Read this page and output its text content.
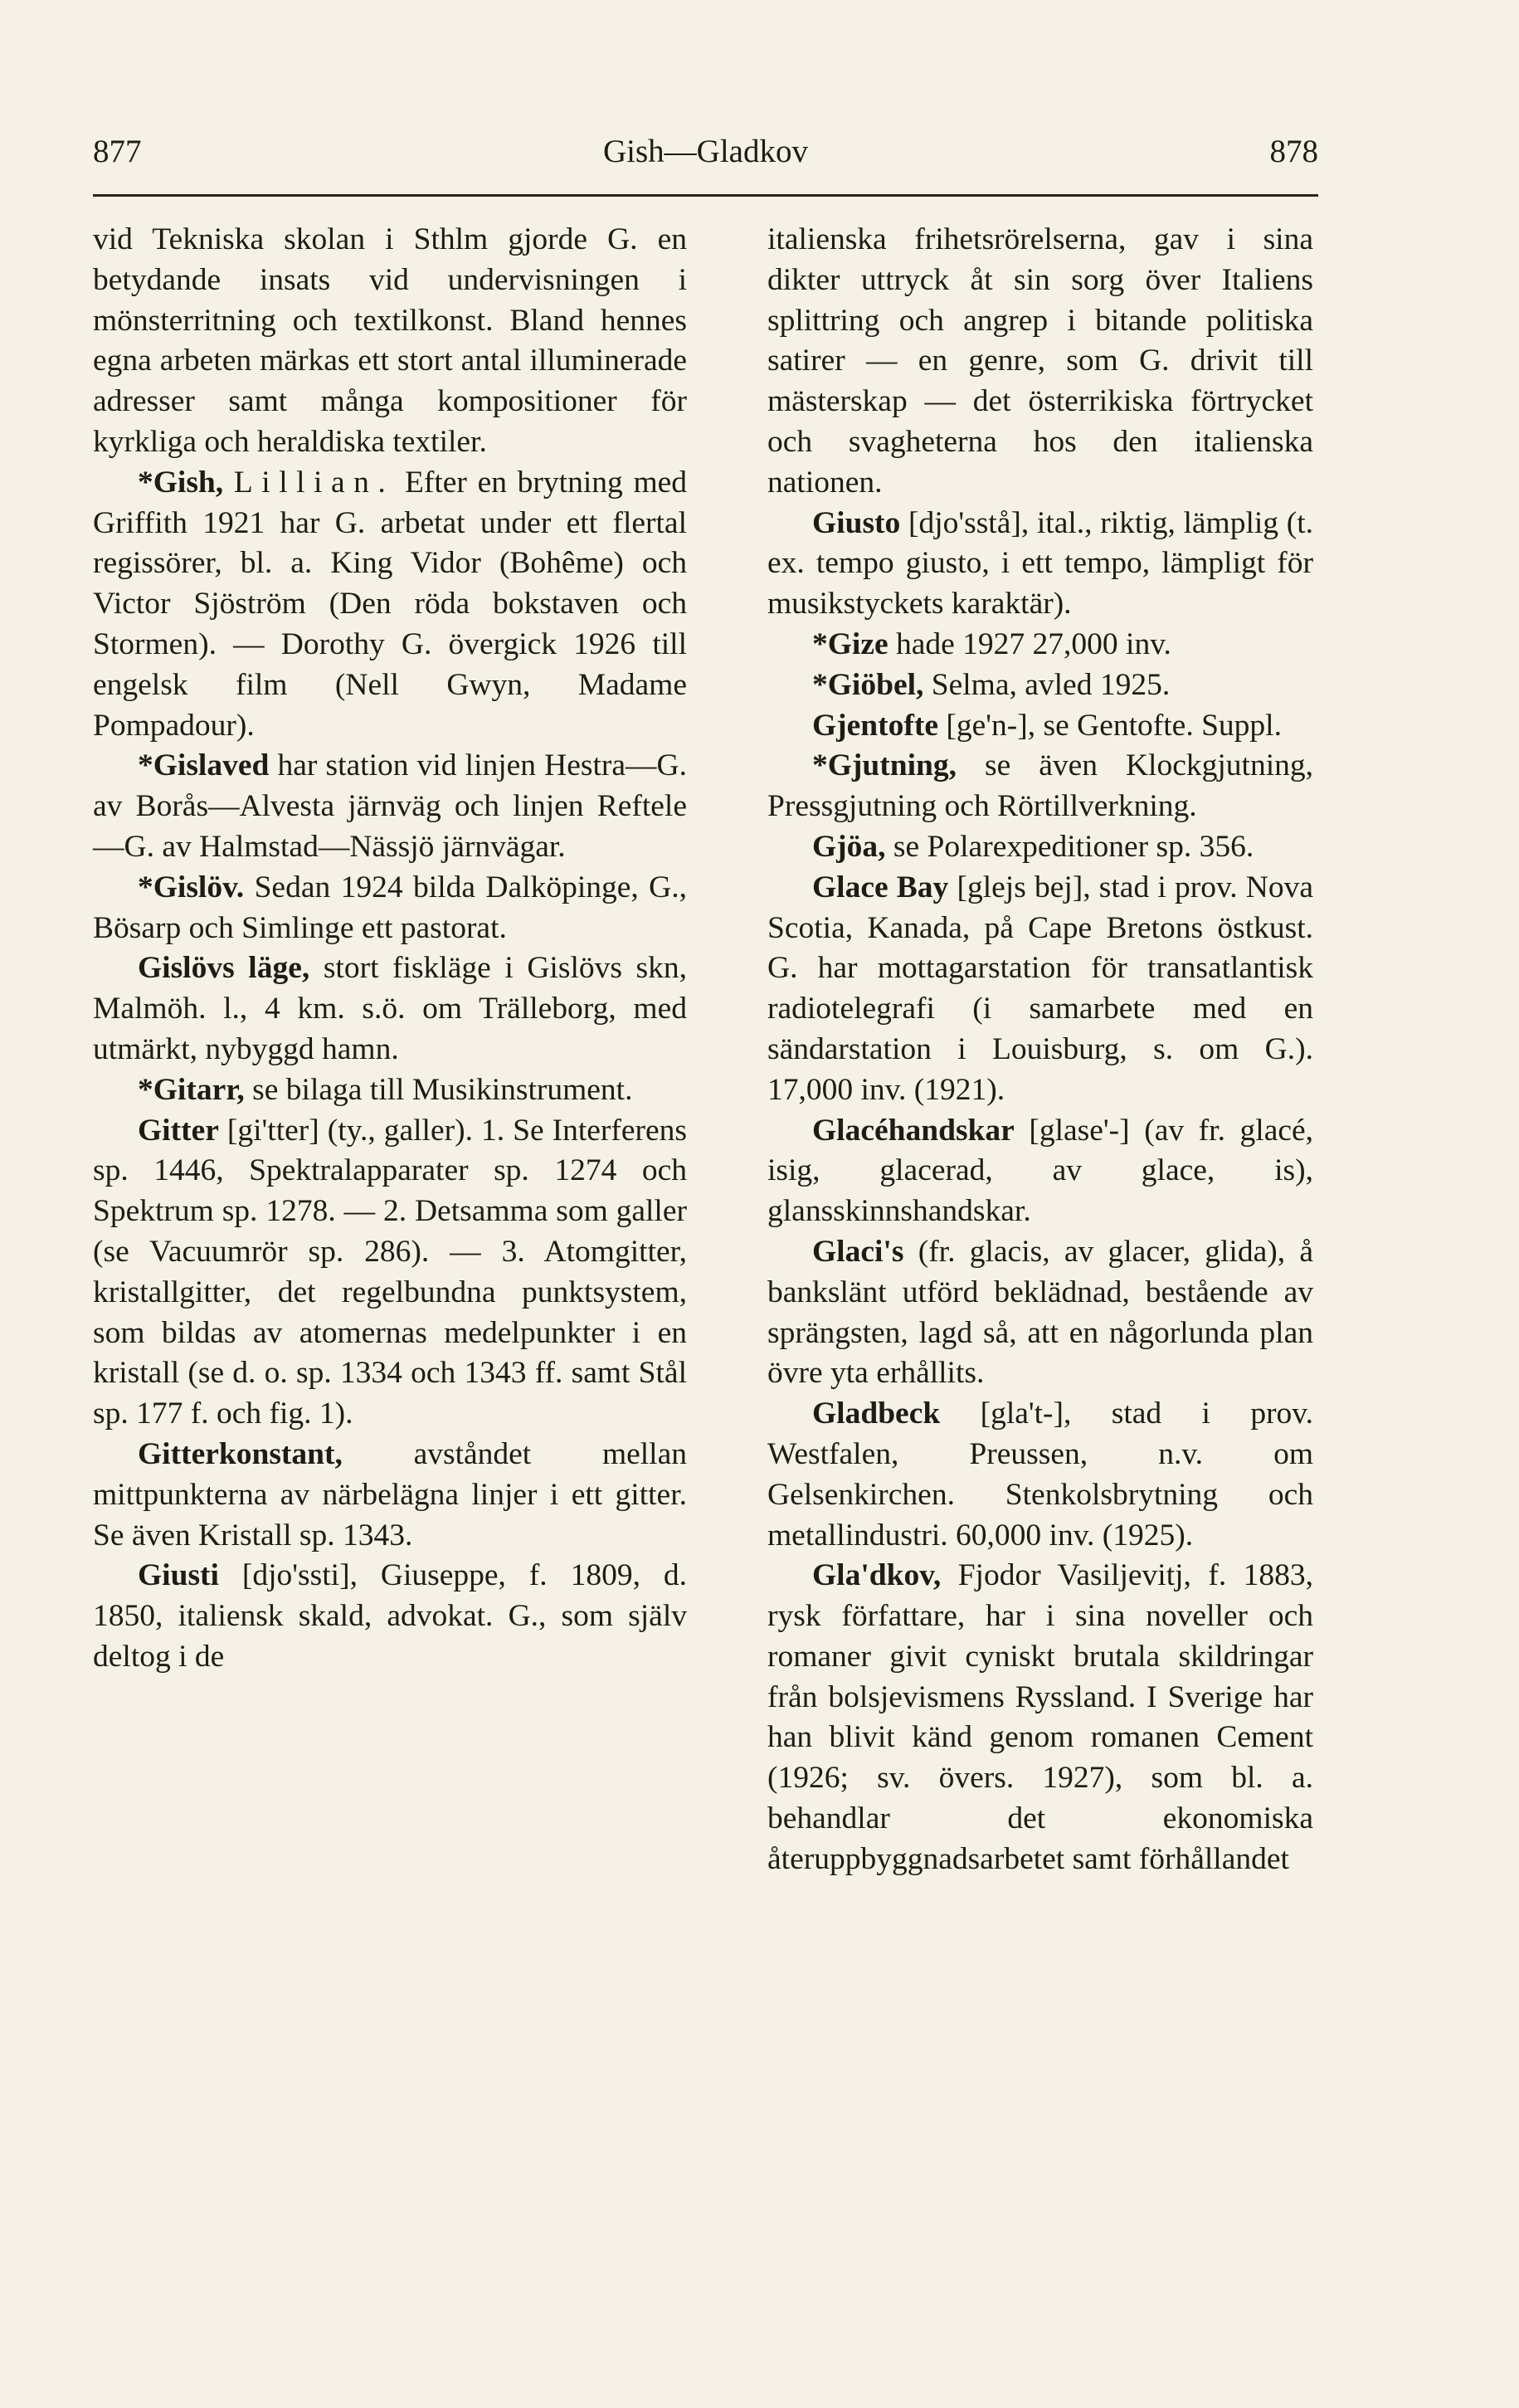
877	Gish—Gladkov	878

vid Tekniska skolan i Sthlm gjorde G. en betydande insats vid undervisningen i mönsterritning och textilkonst. Bland hennes egna arbeten märkas ett stort antal illuminerade adresser samt många kompositioner för kyrkliga och heraldiska textiler.

*Gish, Lillian. Efter en brytning med Griffith 1921 har G. arbetat under ett flertal regissörer, bl. a. King Vidor (Bohême) och Victor Sjöström (Den röda bokstaven och Stormen). — Dorothy G. övergick 1926 till engelsk film (Nell Gwyn, Madame Pompadour).

*Gislaved har station vid linjen Hestra—G. av Borås—Alvesta järnväg och linjen Reftele —G. av Halmstad—Nässjö järnvägar.

*Gislöv. Sedan 1924 bilda Dalköpinge, G., Bösarp och Simlinge ett pastorat.

Gislövs läge, stort fiskläge i Gislövs skn, Malmöh. l., 4 km. s.ö. om Trälleborg, med utmärkt, nybyggd hamn.

*Gitarr, se bilaga till Musikinstrument.

Gitter [gi'tter] (ty., galler). 1. Se Interferens sp. 1446, Spektralapparater sp. 1274 och Spektrum sp. 1278. — 2. Detsamma som galler (se Vacuumrör sp. 286). — 3. Atomgitter, kristallgitter, det regelbundna punktsystem, som bildas av atomernas medelpunkter i en kristall (se d. o. sp. 1334 och 1343 ff. samt Stål sp. 177 f. och fig. 1).

Gitterkonstant, avståndet mellan mittpunkterna av närbelägna linjer i ett gitter. Se även Kristall sp. 1343.

Giusti [djo'ssti], Giuseppe, f. 1809, d. 1850, italiensk skald, advokat. G., som själv deltog i de

italienska frihetsrörelserna, gav i sina dikter uttryck åt sin sorg över Italiens splittring och angrep i bitande politiska satirer — en genre, som G. drivit till mästerskap — det österrikiska förtrycket och svagheterna hos den italienska nationen.

Giusto [djo'sstå], ital., riktig, lämplig (t. ex. tempo giusto, i ett tempo, lämpligt för musikstyckets karaktär).

*Gize hade 1927 27,000 inv.

*Giöbel, Selma, avled 1925.

Gjentofte [ge'n-], se Gentofte. Suppl.

*Gjutning, se även Klockgjutning, Pressgjutning och Rörtillverkning.

Gjöa, se Polarexpeditioner sp. 356.

Glace Bay [glejs bej], stad i prov. Nova Scotia, Kanada, på Cape Bretons östkust. G. har mottagarstation för transatlantisk radiotelegrafi (i samarbete med en sändarstation i Louisburg, s. om G.). 17,000 inv. (1921).

Glacéhandskar [glase'-] (av fr. glacé, isig, glacerad, av glace, is), glansskinnshandskar.

Glaci's (fr. glacis, av glacer, glida), å bankslänt utförd beklädnad, bestående av sprängsten, lagd så, att en någorlunda plan övre yta erhållits.

Gladbeck [gla't-], stad i prov. Westfalen, Preussen, n.v. om Gelsenkirchen. Stenkolsbrytning och metallindustri. 60,000 inv. (1925).

Gla'dkov, Fjodor Vasiljevitj, f. 1883, rysk författare, har i sina noveller och romaner givit cyniskt brutala skildringar från bolsjevismens Ryssland. I Sverige har han blivit känd genom romanen Cement (1926; sv. övers. 1927), som bl. a. behandlar det ekonomiska återuppbyggnadsarbetet samt förhållandet
